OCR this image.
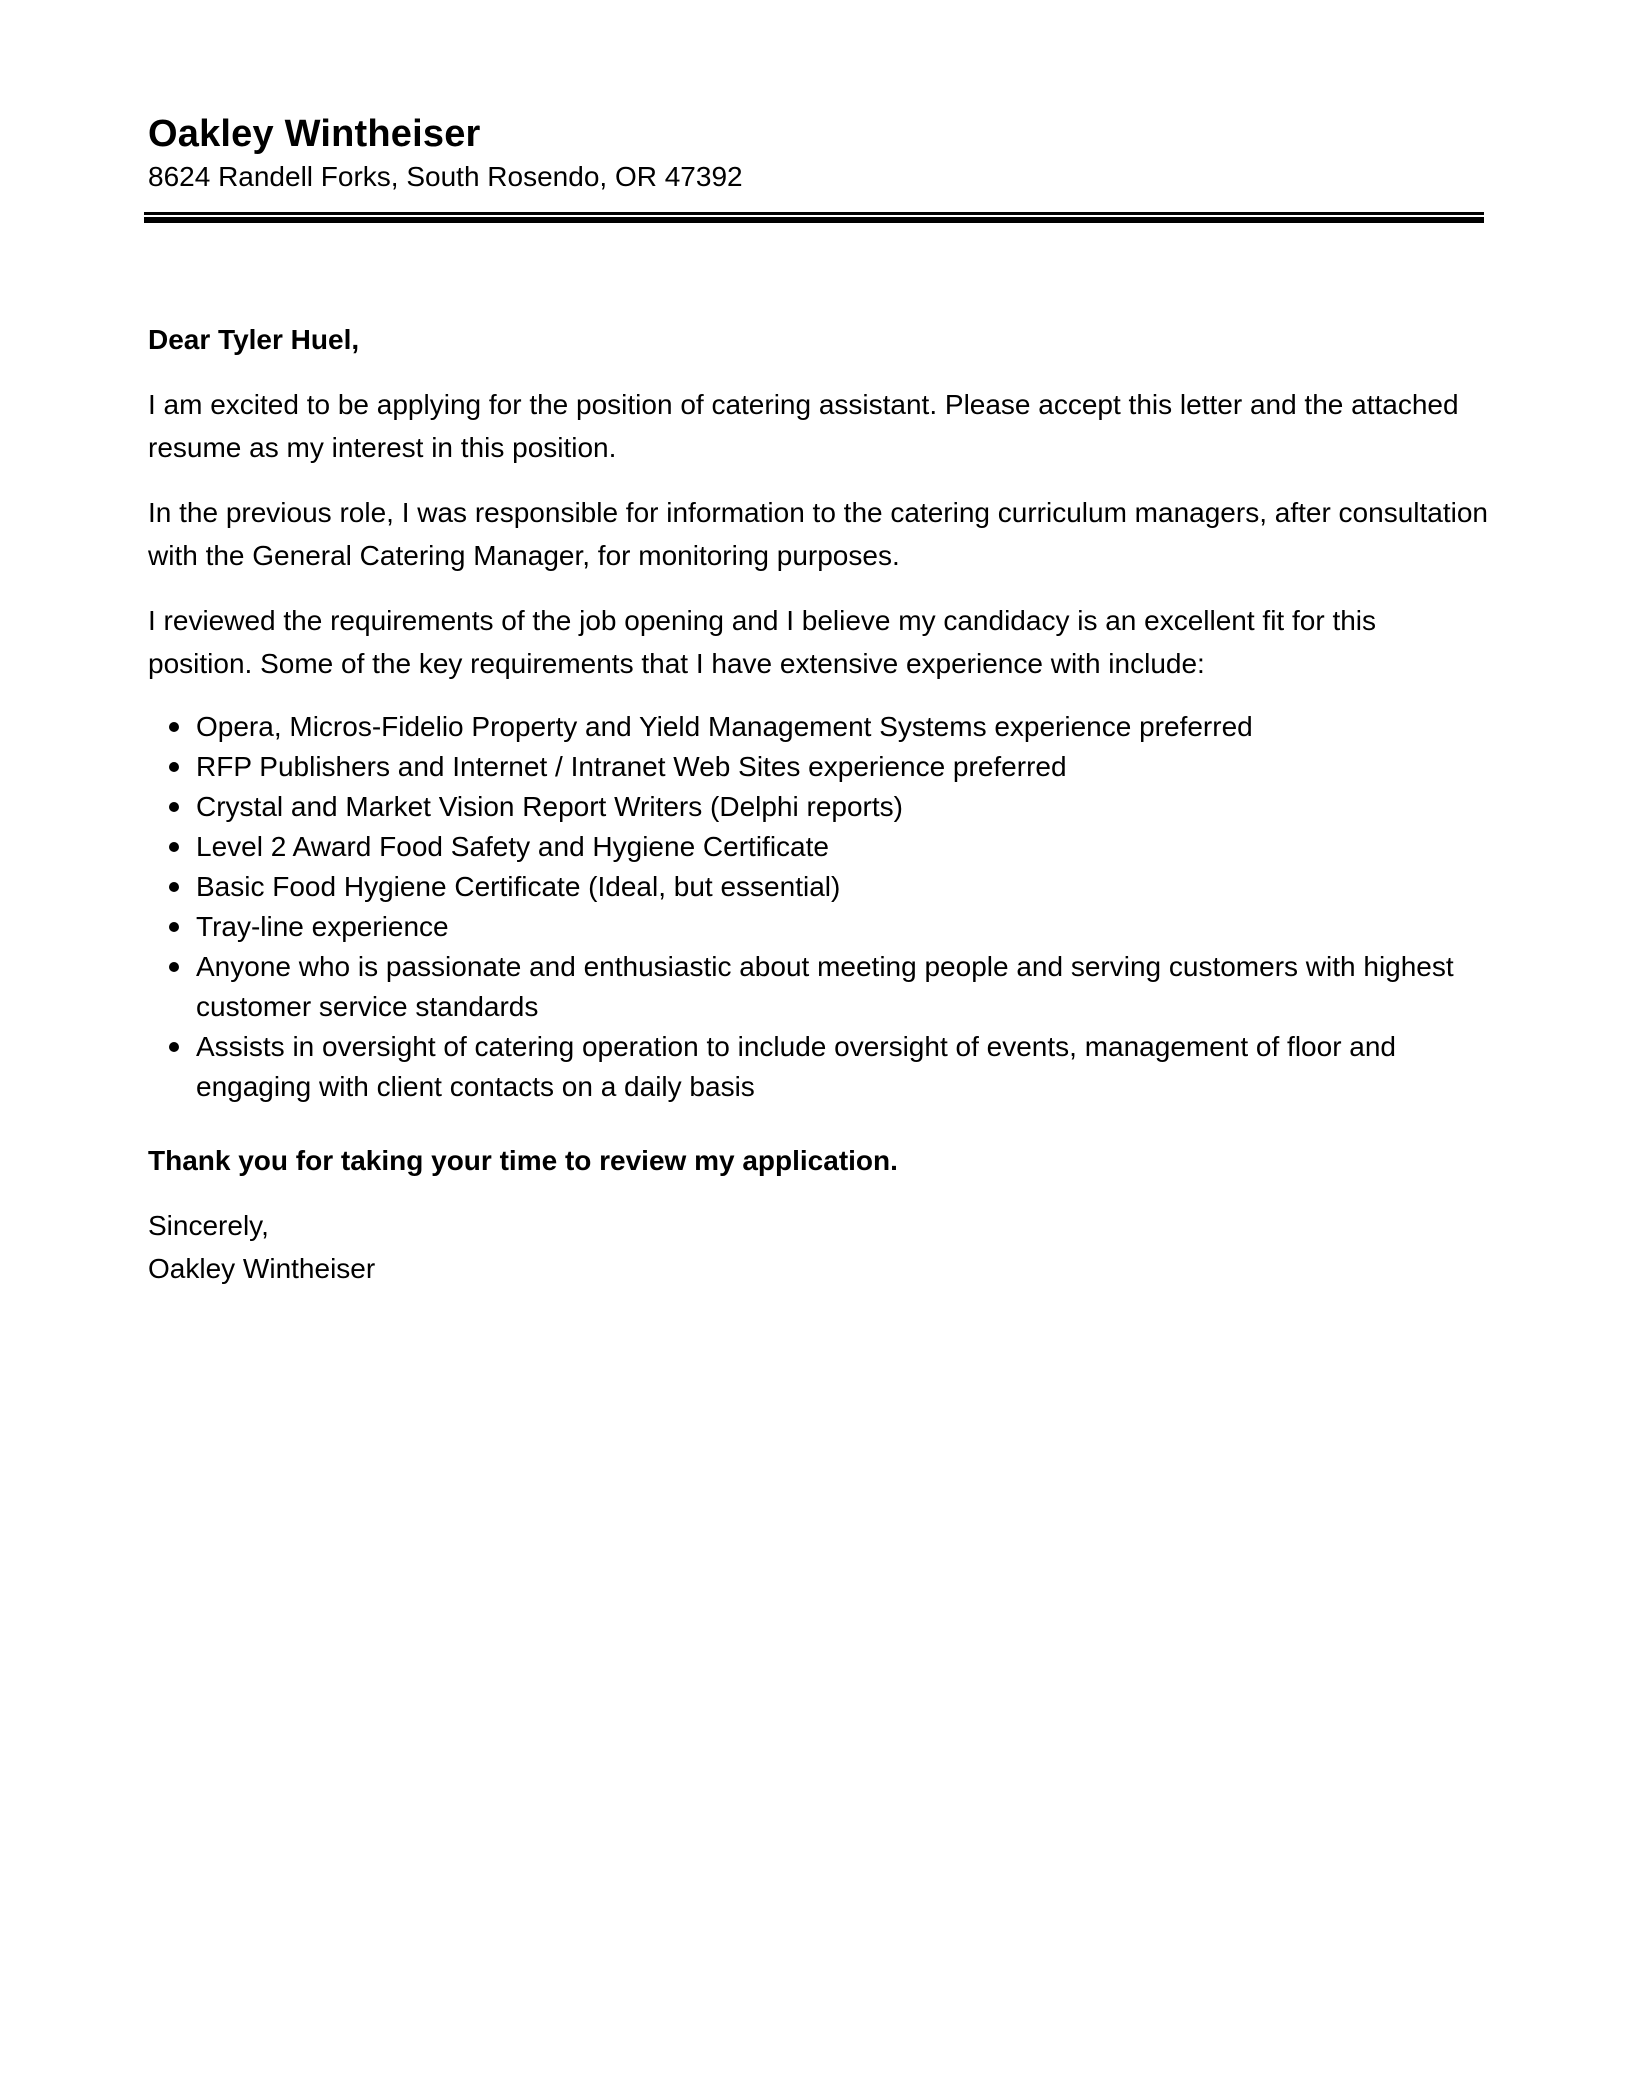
Oakley Wintheiser

8624 Randell Forks, South Rosendo, OR 47392

Dear Tyler Huel,

I am excited to be applying for the position of catering assistant. Please accept this letter and the attached resume as my interest in this position.

In the previous role, I was responsible for information to the catering curriculum managers, after consultation with the General Catering Manager, for monitoring purposes.

I reviewed the requirements of the job opening and I believe my candidacy is an excellent fit for this position. Some of the key requirements that I have extensive experience with include:

Opera, Micros-Fidelio Property and Yield Management Systems experience preferred
RFP Publishers and Internet / Intranet Web Sites experience preferred
Crystal and Market Vision Report Writers (Delphi reports)
Level 2 Award Food Safety and Hygiene Certificate
Basic Food Hygiene Certificate (Ideal, but essential)
Tray-line experience
Anyone who is passionate and enthusiastic about meeting people and serving customers with highest customer service standards
Assists in oversight of catering operation to include oversight of events, management of floor and engaging with client contacts on a daily basis

Thank you for taking your time to review my application.

Sincerely,

Oakley Wintheiser
